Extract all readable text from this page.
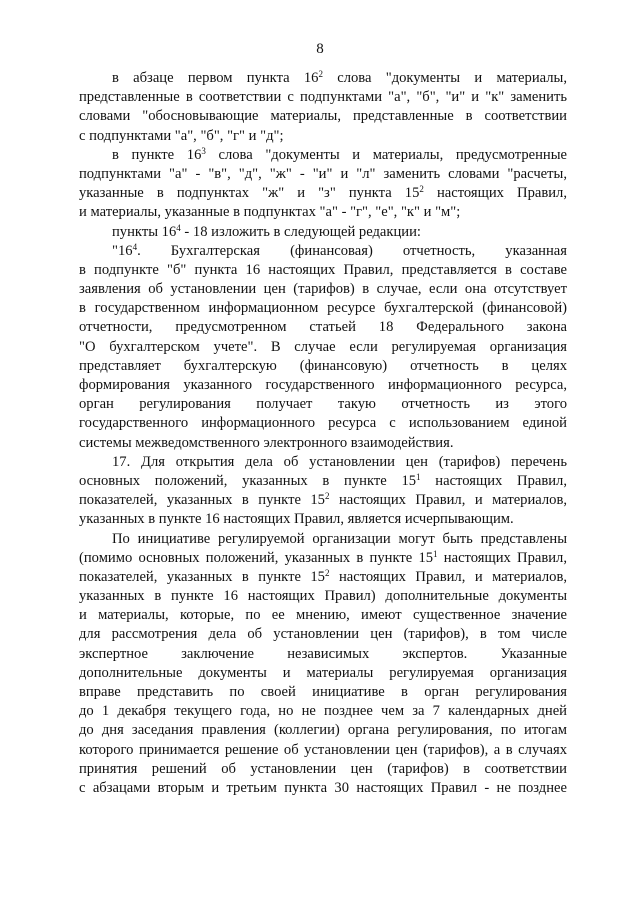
8
в абзаце первом пункта $16^2$ слова "документы и материалы,
представленные в соответствии с подпунктами "а", "б", "и" и "к" заменить
словами "обосновывающие материалы, представленные в соответствии
с подпунктами "а", "б", "г" и "д";
в пункте $16^3$ слова "документы и материалы, предусмотренные
подпунктами "а" - "в", "д", "ж" - "и" и "л" заменить словами "расчеты,
указанные в подпунктах "ж" и "з" пункта $15^2$ настоящих Правил,
и материалы, указанные в подпунктах "а" - "г", "е", "к" и "м";
пункты $16^4 - 18$ изложить в следующей редакции:
"$16^4$. Бухгалтерская (финансовая) отчетность, указанная
в подпункте "б" пункта 16 настоящих Правил, представляется в составе
заявления об установлении цен (тарифов) в случае, если она отсутствует
в государственном информационном ресурсе бухгалтерской (финансовой)
отчетности, предусмотренном статьей 18 Федерального закона
"О бухгалтерском учете". В случае если регулируемая организация
представляет бухгалтерскую (финансовую) отчетность в целях
формирования указанного государственного информационного ресурса,
орган регулирования получает такую отчетность из этого
государственного информационного ресурса с использованием единой
системы межведомственного электронного взаимодействия.
17. Для открытия дела об установлении цен (тарифов) перечень
основных положений, указанных в пункте $15^1$ настоящих Правил,
показателей, указанных в пункте $15^2$ настоящих Правил, и материалов,
указанных в пункте 16 настоящих Правил, является исчерпывающим.
По инициативе регулируемой организации могут быть представлены
(помимо основных положений, указанных в пункте $15^1$ настоящих Правил,
показателей, указанных в пункте $15^2$ настоящих Правил, и материалов,
указанных в пункте 16 настоящих Правил) дополнительные документы
и материалы, которые, по ее мнению, имеют существенное значение
для рассмотрения дела об установлении цен (тарифов), в том числе
экспертное заключение независимых экспертов. Указанные
дополнительные документы и материалы регулируемая организация
вправе представить по своей инициативе в орган регулирования
до 1 декабря текущего года, но не позднее чем за 7 календарных дней
до дня заседания правления (коллегии) органа регулирования, по итогам
которого принимается решение об установлении цен (тарифов), а в случаях
принятия решений об установлении цен (тарифов) в соответствии
с абзацами вторым и третьим пункта 30 настоящих Правил - не позднее
